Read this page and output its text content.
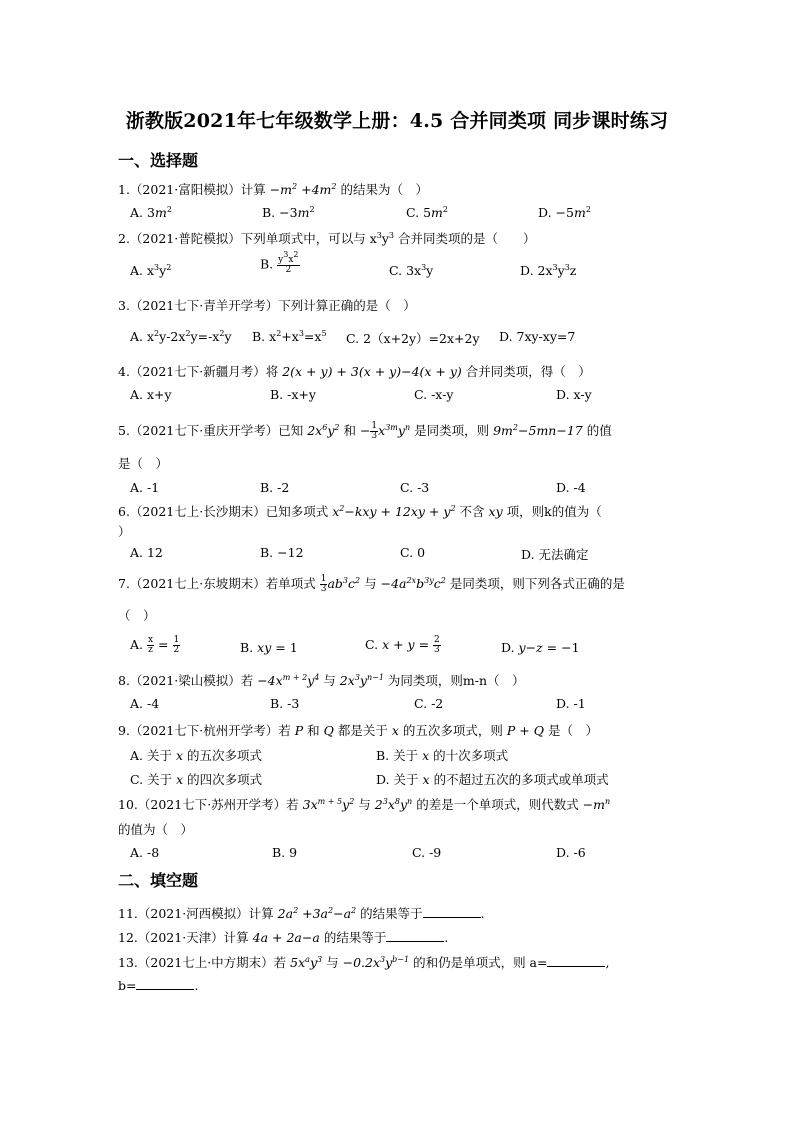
浙教版2021年七年级数学上册：4.5 合并同类项 同步课时练习
一、选择题
1.（2021·富阳模拟）计算 $-m^2 +4m^2$ 的结果为（　）
A. $3m^2$	B. $-3m^2$	C. $5m^2$	D. $-5m^2$
2.（2021·普陀模拟）下列单项式中，可以与 $x^3y^3$ 合并同类项的是（　　）
A. $x^3y^2$	B. $\frac{y^3x^2}{2}$	C. $3x^3y$	D. $2x^3y^3z$
3.（2021七下·青羊开学考）下列计算正确的是（　）
A. $x^2y-2x^2y=-x^2y$ B. $x^2+x^3=x^5$ C. 2（x+2y）=2x+2y D. 7xy-xy=7
4.（2021七下·新疆月考）将 2(x + y) + 3(x + y)−4(x + y) 合并同类项，得（　）
A. x+y	B. -x+y	C. -x-y	D. x-y
5.（2021七下·重庆开学考）已知 $2x^6y^2$ 和 − $\frac{1}{3} x^{3m}y^n$ 是同类项，则 $9m^2-5mn-17$ 的值
是（　）
A. -1	B. -2	C. -3	D. -4
6.（2021七上·长沙期末）已知多项式 $x^2-kxy + 12xy + y^2$ 不含 xy 项，则k的值为（
）
A. 12	B. −12	C. 0	D. 无法确定
7.（2021七上·东坡期末）若单项式 $\frac{1}{3} ab^3c^2$ 与 $-4a^{2x}b^{3y}c^2$ 是同类项，则下列各式正确的是
（　）
A. $\frac{x}{z} = \frac{1}{2}$	B. xy = 1	C. $x + y = \frac{2}{3}$	D. y−z = −1
8.（2021·梁山模拟）若 $-4x^{m + 2}y^4$ 与 $2x^3y^{n-1}$ 为同类项，则m-n（　）
A. -4	B. -3	C. -2	D. -1
9.（2021七下·杭州开学考）若 P 和 Q 都是关于 x 的五次多项式，则 P + Q 是（　）
A. 关于 x 的五次多项式	B. 关于 x 的十次多项式
C. 关于 x 的四次多项式	D. 关于 x 的不超过五次的多项式或单项式
10.（2021七下·苏州开学考）若 $3x^{m + 5}y^2$ 与 $2^3x^8y^n$ 的差是一个单项式，则代数式 $-m^n$
的值为（　）
A. -8	B. 9	C. -9	D. -6
二、填空题
11.（2021·河西模拟）计算 $2a^2 +3a^2-a^2$ 的结果等于	.
12.（2021·天津）计算 4a + 2a−a 的结果等于	.
13.（2021七上·中方期末）若 $5x^ay^3$ 与 $-0.2x^3y^{b-1}$ 的和仍是单项式，则 a=	,
b=	.
